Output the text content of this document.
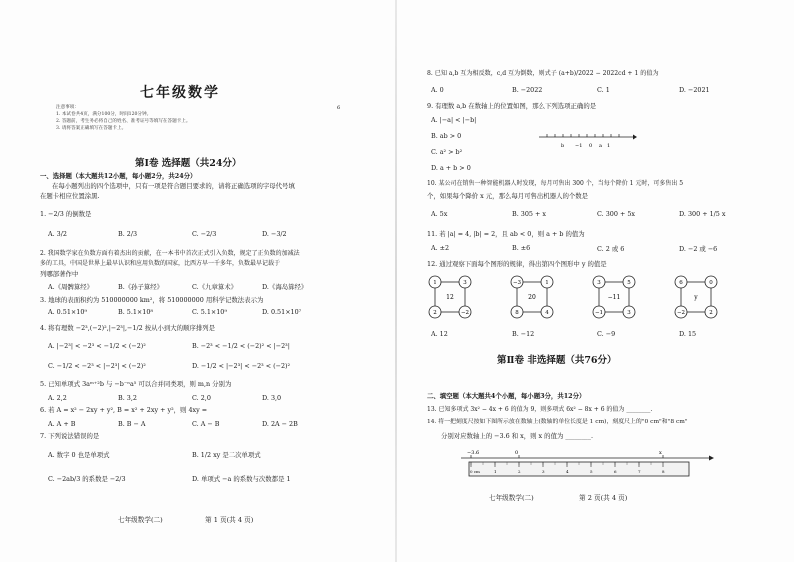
七年级数学
6
注意事项：
1. 本试卷共4页，满分100分，时间120分钟。
2. 答题前，考生务必将自己的姓名、准考证号等填写在答题卡上。
3. 请将答案正确填写在答题卡上。
第Ⅰ卷 选择题（共24分）
一、选择题（本大题共12小题，每小题2分，共24分）
在每小题列出的四个选项中，只有一项是符合题目要求的，请将正确选项的字母代号填
在题卡相应位置涂黑.
1. −2/3 的倒数是
A. 3/2	B. 2/3	C. −2/3	D. −3/2
2. 我国数学家在负数方面有着杰出的贡献，在一本书中首次正式引入负数，规定了正负数的加减法
多的工具，中国是世界上最早认识和应用负数的国家，比西方早一千多年，负数最早记载于
列哪部著作中
A.《周髀算经》	B.《孙子算经》	C.《九章算术》	D.《海岛算经》
3. 地球的表面积约为 510000000 km²，将 510000000 用科学记数法表示为
A. 0.51×10⁹	B. 5.1×10⁸	C. 5.1×10⁹	D. 0.51×10⁷
4. 将有理数 −2³,(−2)²,|−2³|,−1/2 按从小到大的顺序排列是
A. |−2³| < −2³ < −1/2 < (−2)²	B. −2³ < −1/2 < (−2)² < |−2³|
C. −1/2 < −2³ < |−2³| < (−2)²	D. −1/2 < |−2³| < −2³ < (−2)²
5. 已知单项式 3aᵐ⁺²b 与 −b⁻ⁿa⁵ 可以合并同类项，则 m,n 分别为
A. 2,2	B. 3,2	C. 2,0	D. 3,0
6. 若 A = x² − 2xy + y², B = x² + 2xy + y²，则 4xy =
A. A + B	B. B − A	C. A − B	D. 2A − 2B
7. 下列说法错误的是
A. 数字 0 也是单项式	B. 1/2 xy 是二次单项式
C. −2ab/3 的系数是 −2/3	D. 单项式 −a 的系数与次数都是 1
七年级数学(二)	第 1 页(共 4 页)
8. 已知 a,b 互为相反数，c,d 互为倒数，则式子 (a+b)/2022 − 2022cd + 1 的值为
A. 0	B. −2022	C. 1	D. −2021
9. 有理数 a,b 在数轴上的位置如图，那么下列选项正确的是
A. |−a| < |−b|
B. ab > 0
C. a² > b²
D. a + b > 0
b −1 0 a 1
10. 某公司在销售一种智能机器人时发现，每月可售出 300 个，当每个降价 1 元时，可多售出 5
个，如果每个降价 x 元，那么每月可售出机器人的个数是
A. 5x	B. 305 + x	C. 300 + 5x	D. 300 + 1/5 x
11. 若 |a| = 4, |b| = 2，且 ab < 0，则 a + b 的值为
A. ±2	B. ±6	C. 2 或 6	D. −2 或 −6
12. 通过观察下面每个图形的规律，得出第四个图形中 y 的值是
1	3
2	−2
12
−3	1
8	4
20
3	5
−1	3
−11
6	0
−2	2
y
A. 12	B. −12	C. −9	D. 15
第Ⅱ卷 非选择题（共76分）
二、填空题（本大题共4个小题，每小题3分，共12分）
13. 已知多项式 3x² − 4x + 6 的值为 9，则多项式 6x² − 8x + 6 的值为 ________.
14. 将一把刻度尺按如下图所示放在数轴上(数轴的单位长度是 1 cm)，刻度尺上的"0 cm"和"8 cm"
分别对应数轴上的 −3.6 和 x，则 x 的值为 ________.
−3.6	0	x
0 cm	1	2	3	4	5	6	7	8
七年级数学(二)	第 2 页(共 4 页)
